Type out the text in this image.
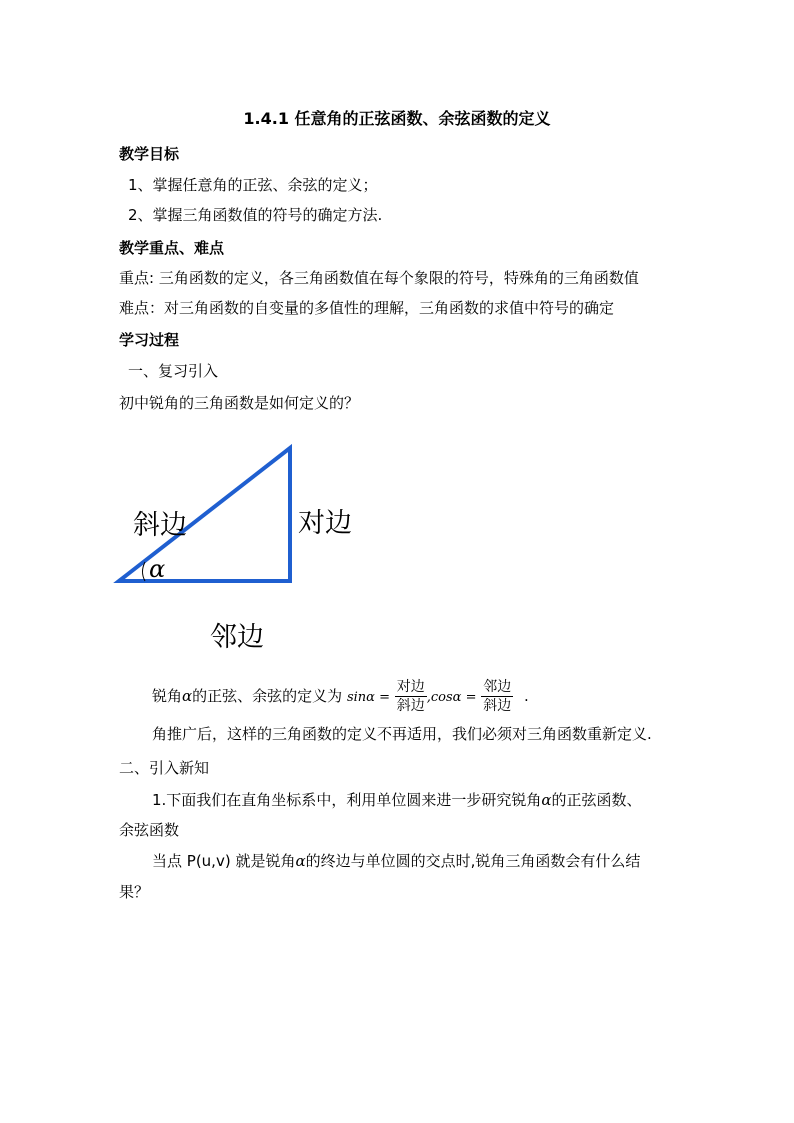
1.4.1 任意角的正弦函数、余弦函数的定义
教学目标
1、掌握任意角的正弦、余弦的定义；
2、掌握三角函数值的符号的确定方法.
教学重点、难点
重点: 三角函数的定义，各三角函数值在每个象限的符号，特殊角的三角函数值
难点：对三角函数的自变量的多值性的理解，三角函数的求值中符号的确定
学习过程
一、复习引入
初中锐角的三角函数是如何定义的？
斜边	对边
邻边
α
锐角α的正弦、余弦的定义为 $\sin\alpha = \frac{\text{对边}}{\text{斜边}} ,\cos\alpha = \frac{\text{邻边}}{\text{斜边}}$ .
角推广后，这样的三角函数的定义不再适用，我们必须对三角函数重新定义.
二、引入新知
1.下面我们在直角坐标系中，利用单位圆来进一步研究锐角α的正弦函数、
余弦函数
当点 P(u,v) 就是锐角α的终边与单位圆的交点时,锐角三角函数会有什么结
果？
